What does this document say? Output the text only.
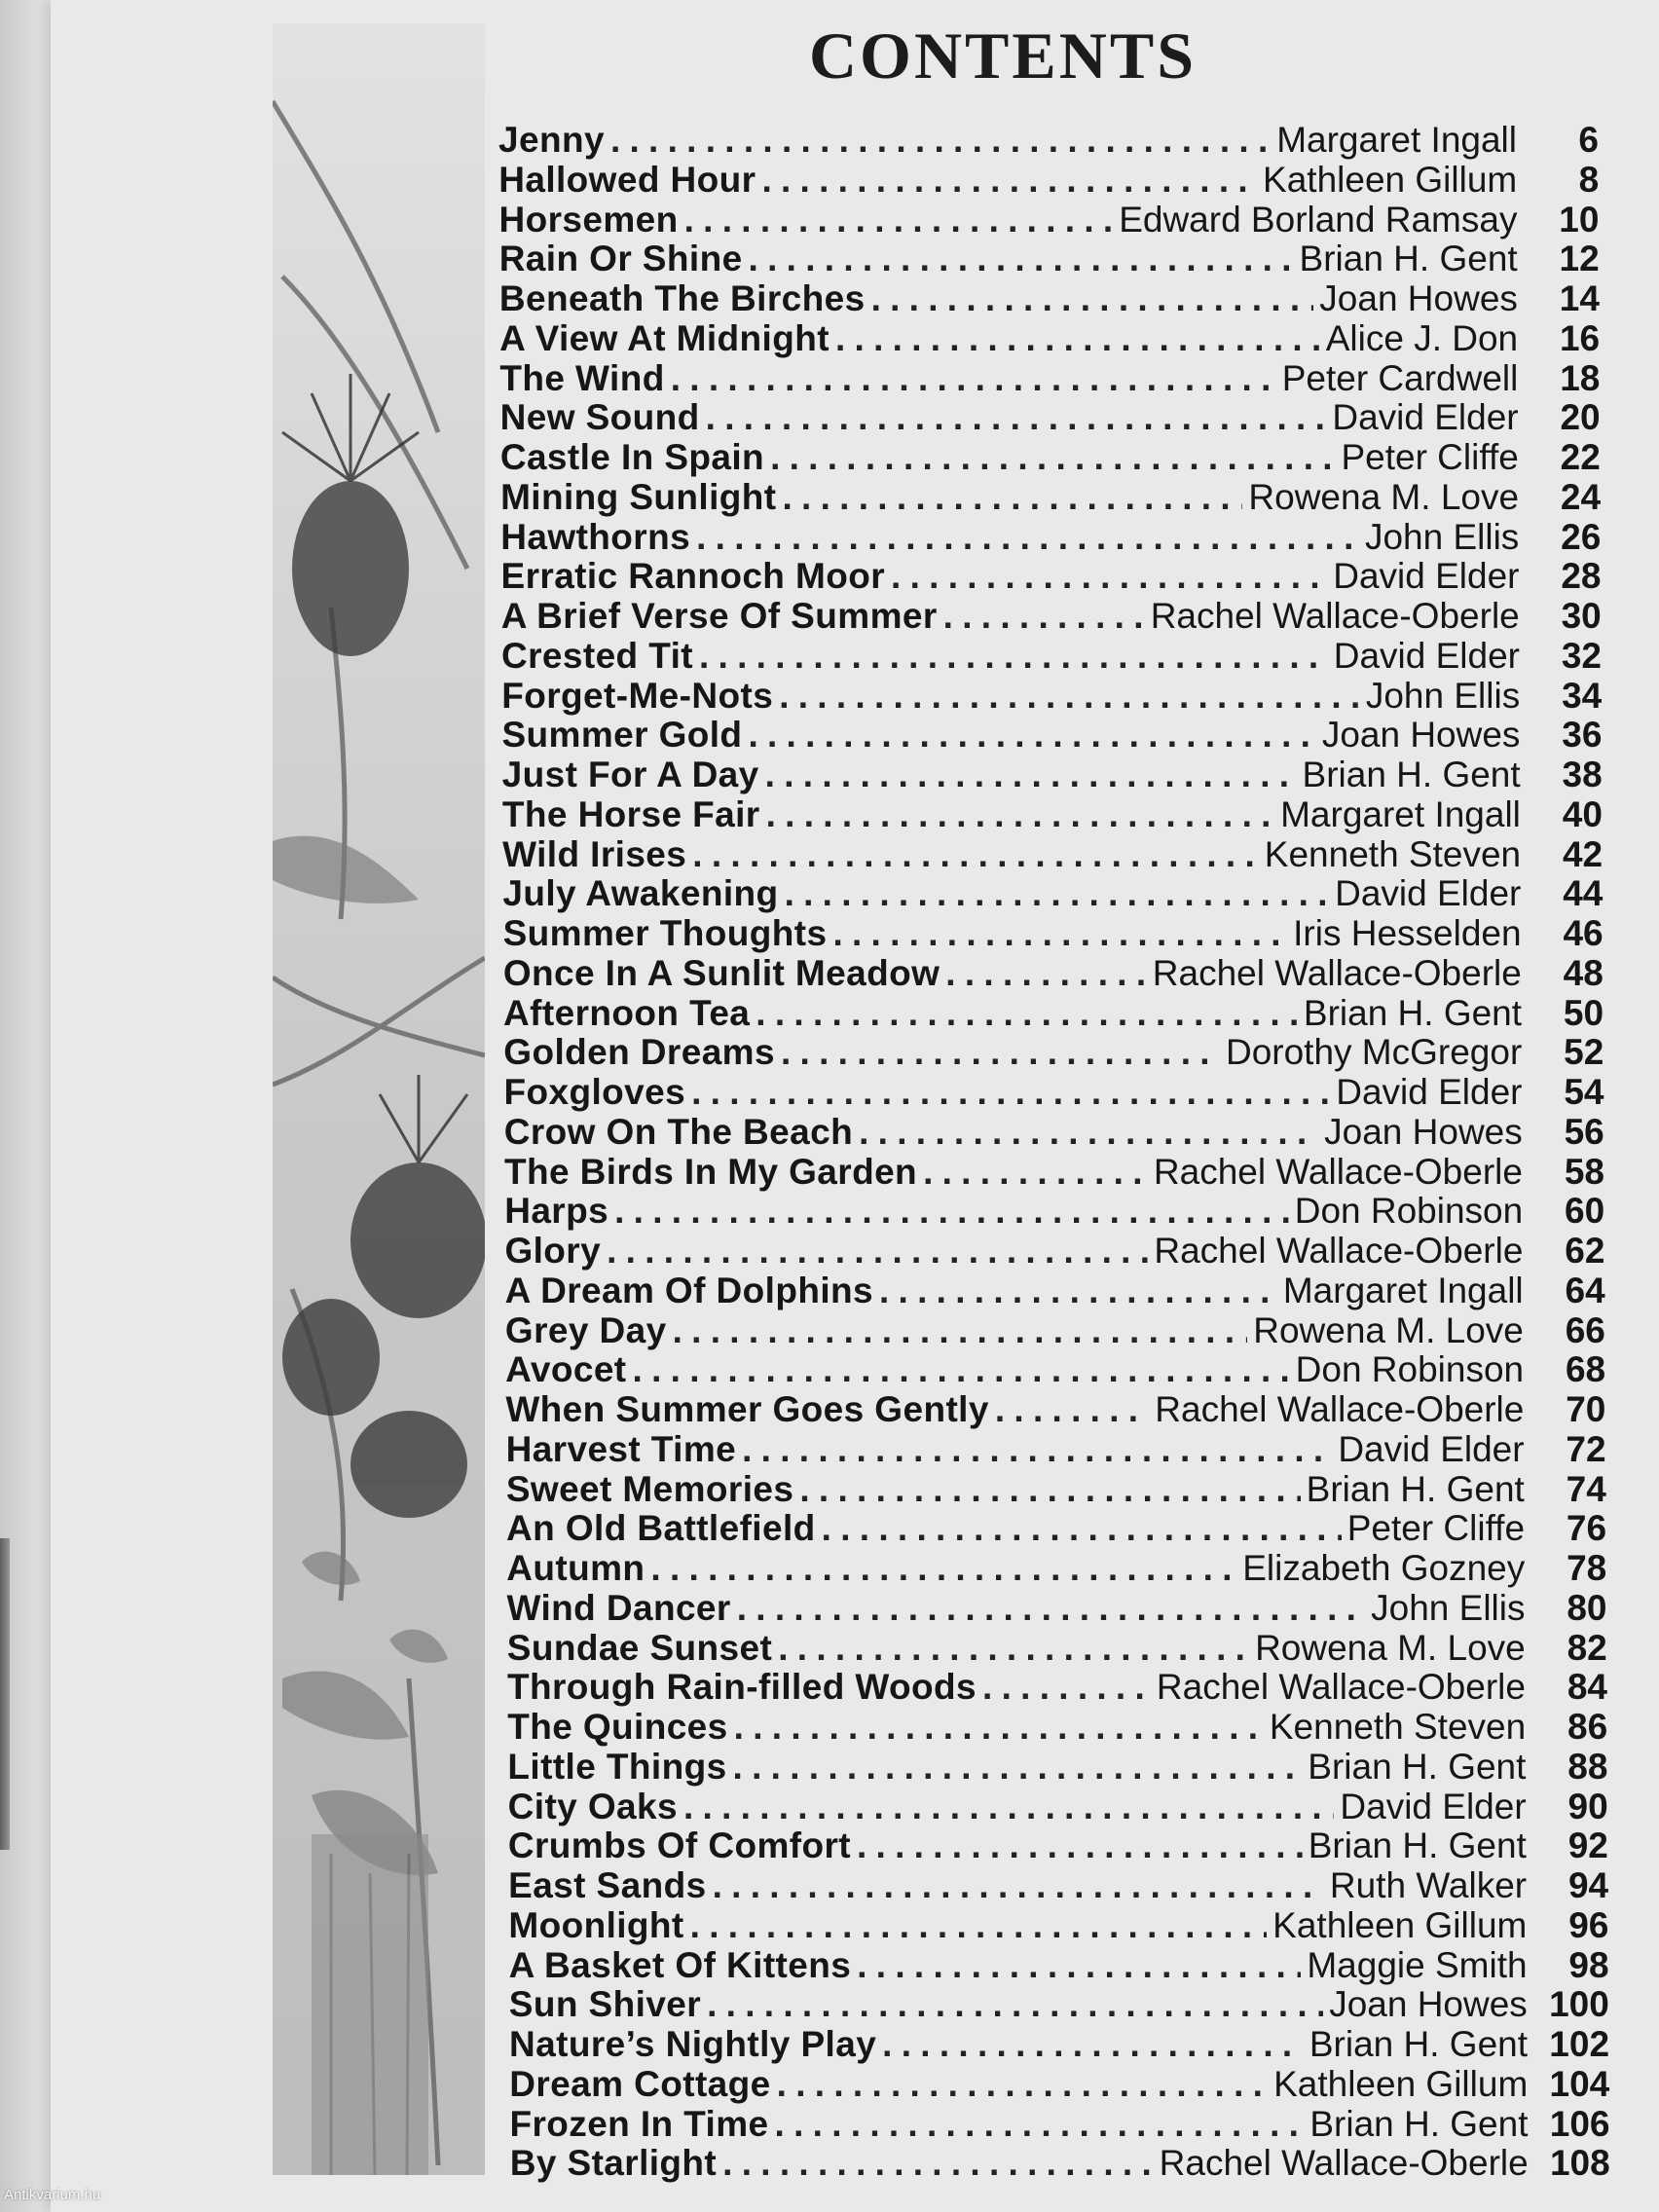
CONTENTS
Jenny . . .	Margaret Ingall	6
Hallowed Hour . . .	Kathleen Gillum	8
Horsemen . . .	Edward Borland Ramsay	10
Rain Or Shine . . .	Brian H. Gent	12
Beneath The Birches . . .	Joan Howes	14
A View At Midnight . . .	Alice J. Don	16
The Wind . . .	Peter Cardwell	18
New Sound . . .	David Elder	20
Castle In Spain . . .	Peter Cliffe	22
Mining Sunlight . . .	Rowena M. Love	24
Hawthorns . . .	John Ellis	26
Erratic Rannoch Moor . . .	David Elder	28
A Brief Verse Of Summer . . .	Rachel Wallace-Oberle	30
Crested Tit . . .	David Elder	32
Forget-Me-Nots . . .	John Ellis	34
Summer Gold . . .	Joan Howes	36
Just For A Day . . .	Brian H. Gent	38
The Horse Fair . . .	Margaret Ingall	40
Wild Irises . . .	Kenneth Steven	42
July Awakening . . .	David Elder	44
Summer Thoughts . . .	Iris Hesselden	46
Once In A Sunlit Meadow . . .	Rachel Wallace-Oberle	48
Afternoon Tea . . .	Brian H. Gent	50
Golden Dreams . . .	Dorothy McGregor	52
Foxgloves . . .	David Elder	54
Crow On The Beach . . .	Joan Howes	56
The Birds In My Garden . . .	Rachel Wallace-Oberle	58
Harps . . .	Don Robinson	60
Glory . . .	Rachel Wallace-Oberle	62
A Dream Of Dolphins . . .	Margaret Ingall	64
Grey Day . . .	Rowena M. Love	66
Avocet . . .	Don Robinson	68
When Summer Goes Gently . . .	Rachel Wallace-Oberle	70
Harvest Time . . .	David Elder	72
Sweet Memories . . .	Brian H. Gent	74
An Old Battlefield . . .	Peter Cliffe	76
Autumn . . .	Elizabeth Gozney	78
Wind Dancer . . .	John Ellis	80
Sundae Sunset . . .	Rowena M. Love	82
Through Rain-filled Woods . . .	Rachel Wallace-Oberle	84
The Quinces . . .	Kenneth Steven	86
Little Things . . .	Brian H. Gent	88
City Oaks . . .	David Elder	90
Crumbs Of Comfort . . .	Brian H. Gent	92
East Sands . . .	Ruth Walker	94
Moonlight . . .	Kathleen Gillum	96
A Basket Of Kittens . . .	Maggie Smith	98
Sun Shiver . . .	Joan Howes 100
Nature’s Nightly Play . . .	Brian H. Gent 102
Dream Cottage . . .	Kathleen Gillum 104
Frozen In Time . . .	Brian H. Gent 106
By Starlight . . .	Rachel Wallace-Oberle 108
Antikvarium.hu
